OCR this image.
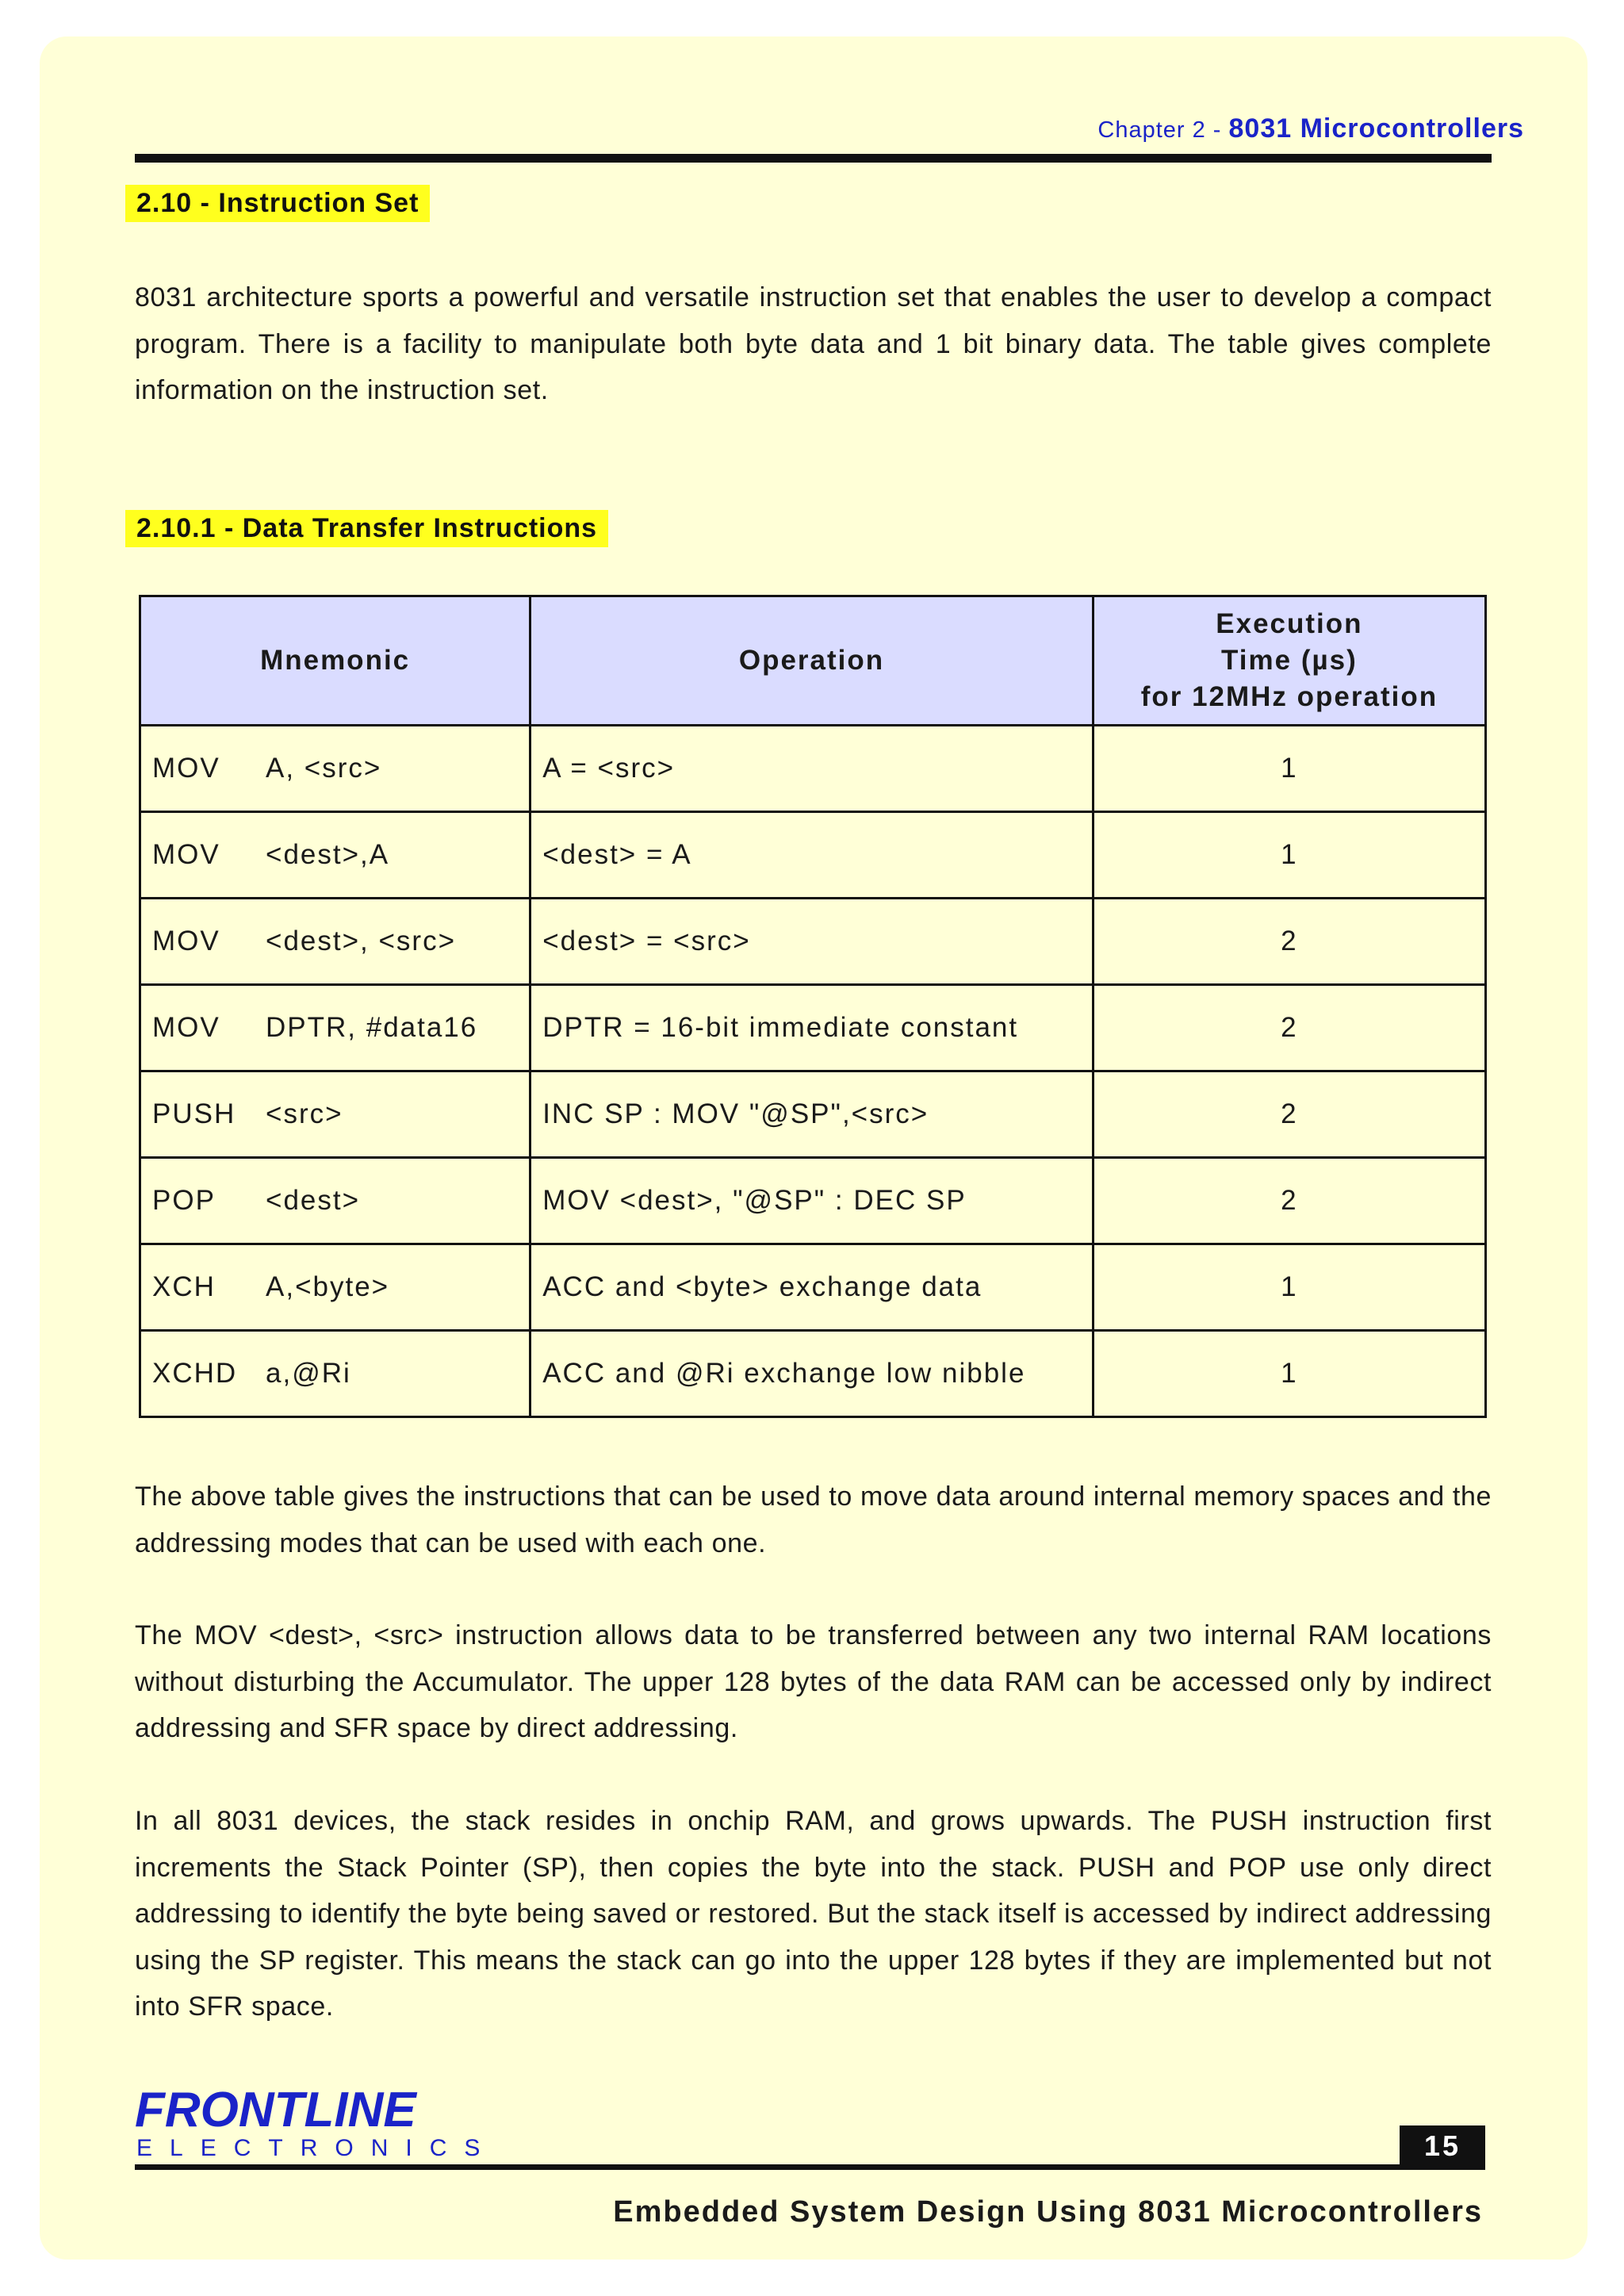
Chapter 2 - 8031 Microcontrollers
2.10 - Instruction Set

8031 architecture sports a powerful and versatile instruction set that enables the user to develop a compact program. There is a facility to manipulate both byte data and 1 bit binary data. The table gives complete information on the instruction set.

2.10.1 - Data Transfer Instructions
Mnemonic	Operation	Execution
Time (µs)
for 12MHz operation
MOV A, <src>	A = <src>	1
MOV <dest>,A	<dest> = A	1
MOV <dest>, <src>	<dest> = <src>	2
MOV DPTR, #data16	DPTR = 16-bit immediate constant	2
PUSH <src>	INC SP : MOV "@SP",<src>	2
POP <dest>	MOV <dest>, "@SP" : DEC SP	2
XCH A,<byte>	ACC and <byte> exchange data	1
XCHD a,@Ri	ACC and @Ri exchange low nibble	1

The above table gives the instructions that can be used to move data around internal memory spaces and the addressing modes that can be used with each one.

The MOV <dest>, <src> instruction allows data to be transferred between any two internal RAM locations without disturbing the Accumulator. The upper 128 bytes of the data RAM can be accessed only by indirect addressing and SFR space by direct addressing.

In all 8031 devices, the stack resides in onchip RAM, and grows upwards. The PUSH instruction first increments the Stack Pointer (SP), then copies the byte into the stack. PUSH and POP use only direct addressing to identify the byte being saved or restored. But the stack itself is accessed by indirect addressing using the SP register. This means the stack can go into the upper 128 bytes if they are implemented but not into SFR space.

FRONTLINE
ELECTRONICS	15
Embedded System Design Using 8031 Microcontrollers
